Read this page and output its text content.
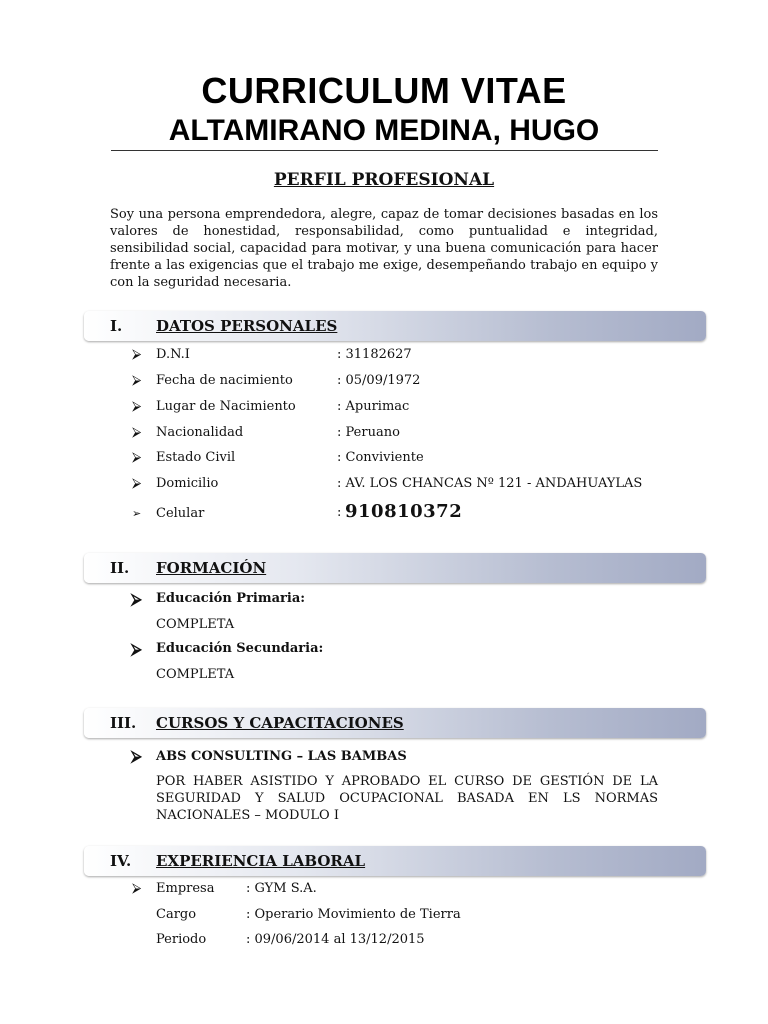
CURRICULUM VITAE
ALTAMIRANO MEDINA, HUGO
PERFIL PROFESIONAL
Soy una persona emprendedora, alegre, capaz de tomar decisiones basadas en los valores de honestidad, responsabilidad, como puntualidad e integridad, sensibilidad social, capacidad para motivar, y una buena comunicación para hacer frente a las exigencias que el trabajo me exige, desempeñando trabajo en equipo y con la seguridad necesaria.
I. DATOS PERSONALES
⮚ D.N.I	: 31182627
⮚ Fecha de nacimiento	: 05/09/1972
⮚ Lugar de Nacimiento	: Apurimac
⮚ Nacionalidad	: Peruano
⮚ Estado Civil	: Conviviente
⮚ Domicilio	: AV. LOS CHANCAS Nº 121 - ANDAHUAYLAS
➢ Celular	: 910810372
II. FORMACIÓN
⮚ Educación Primaria:
COMPLETA
⮚ Educación Secundaria:
COMPLETA
III. CURSOS Y CAPACITACIONES
⮚ ABS CONSULTING – LAS BAMBAS
POR HABER ASISTIDO Y APROBADO EL CURSO DE GESTIÓN DE LA SEGURIDAD Y SALUD OCUPACIONAL BASADA EN LS NORMAS NACIONALES – MODULO I
IV. EXPERIENCIA LABORAL
⮚ Empresa : GYM S.A.
Cargo	: Operario Movimiento de Tierra
Periodo	: 09/06/2014 al 13/12/2015
